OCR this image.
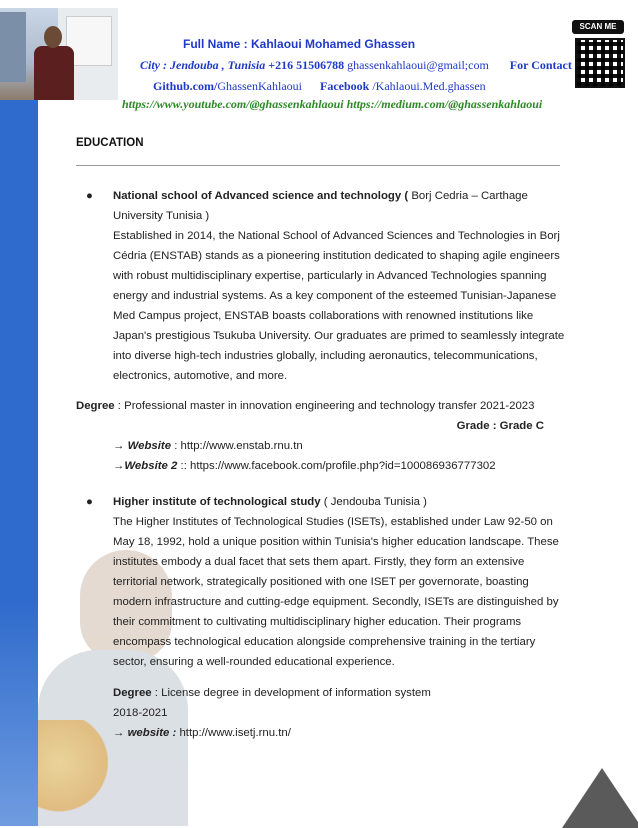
Full Name : Kahlaoui Mohamed Ghassen
City : Jendouba , Tunisia +216 51506788 ghassenkahlaoui@gmail;com For Contact
Github.com/GhassenKahlaoui Facebook /Kahlaoui.Med.ghassen
https://www.youtube.com/@ghassenkahlaoui https://medium.com/@ghassenkahlaoui
SCAN ME
EDUCATION
● National school of Advanced science and technology ( Borj Cedria – Carthage University Tunisia )

Established in 2014, the National School of Advanced Sciences and Technologies in Borj Cédria (ENSTAB) stands as a pioneering institution dedicated to shaping agile engineers with robust multidisciplinary expertise, particularly in Advanced Technologies spanning energy and industrial systems. As a key component of the esteemed Tunisian-Japanese Med Campus project, ENSTAB boasts collaborations with renowned institutions like Japan's prestigious Tsukuba University. Our graduates are primed to seamlessly integrate into diverse high-tech industries globally, including aeronautics, telecommunications, electronics, automotive, and more.

Degree : Professional master in innovation engineering and technology transfer 2021-2023
Grade : Grade C
→ Website : http://www.enstab.rnu.tn
→Website 2 :: https://www.facebook.com/profile.php?id=100086936777302
● Higher institute of technological study ( Jendouba Tunisia )

The Higher Institutes of Technological Studies (ISETs), established under Law 92-50 on May 18, 1992, hold a unique position within Tunisia's higher education landscape. These institutes embody a dual facet that sets them apart. Firstly, they form an extensive territorial network, strategically positioned with one ISET per governorate, boasting modern infrastructure and cutting-edge equipment. Secondly, ISETs are distinguished by their commitment to cultivating multidisciplinary higher education. Their programs encompass technological education alongside comprehensive training in the tertiary sector, ensuring a well-rounded educational experience.

Degree : License degree in development of information system
2018-2021
→ website : http://www.isetj.rnu.tn/
